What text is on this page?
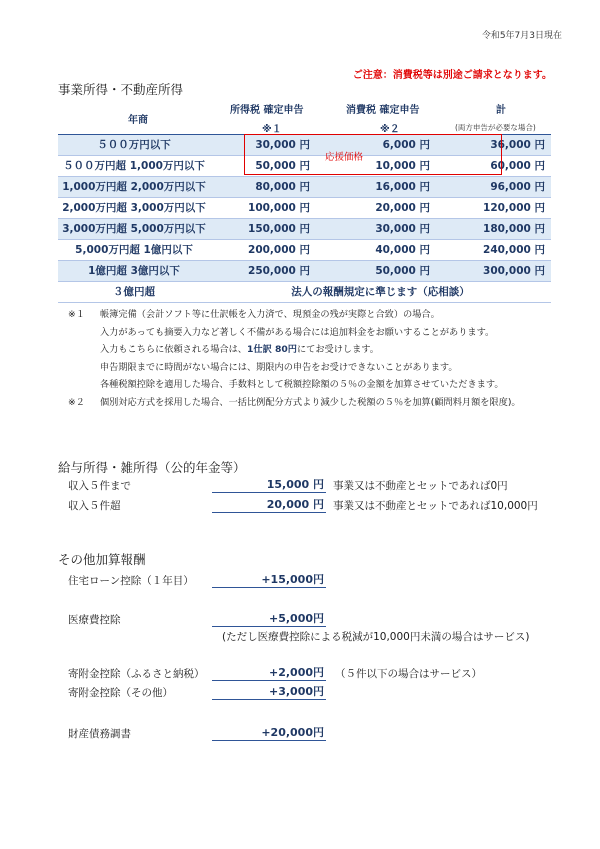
令和5年7月3日現在
ご注意：消費税等は別途ご請求となります。
事業所得・不動産所得
年商
所得税 確定申告
※１
消費税 確定申告
※２
計
(両方申告が必要な場合)
５００万円以下	30,000 円	6,000 円	36,000 円
５００万円超 1,000万円以下	50,000 円	10,000 円	60,000 円
1,000万円超 2,000万円以下	80,000 円	16,000 円	96,000 円
2,000万円超 3,000万円以下	100,000 円	20,000 円	120,000 円
3,000万円超 5,000万円以下	150,000 円	30,000 円	180,000 円
5,000万円超 1億円以下	200,000 円	40,000 円	240,000 円
1億円超 3億円以下	250,000 円	50,000 円	300,000 円
３億円超	法人の報酬規定に準じます（応相談）
応援価格
※１	帳簿完備（会計ソフト等に仕訳帳を入力済で、現預金の残が実際と合致）の場合。
入力があっても摘要入力など著しく不備がある場合には追加料金をお願いすることがあります。
入力もこちらに依頼される場合は、 1仕訳 80円 にてお受けします。
申告期限までに時間がない場合には、期限内の申告をお受けできないことがあります。
各種税額控除を適用した場合、手数料として税額控除額の５％の金額を加算させていただきます。
※２	個別対応方式を採用した場合、一括比例配分方式より減少した税額の５％を加算(顧問料月額を限度)。
給与所得・雑所得（公的年金等）
収入５件まで	15,000 円 事業又は不動産とセットであれば0円
収入５件超	20,000 円 事業又は不動産とセットであれば10,000円
その他加算報酬
住宅ローン控除（１年目）	+15,000円
医療費控除	+5,000円
(ただし医療費控除による税減が10,000円未満の場合はサービス)
寄附金控除（ふるさと納税）	+2,000円 （５件以下の場合はサービス）
寄附金控除（その他）	+3,000円
財産債務調書	+20,000円
